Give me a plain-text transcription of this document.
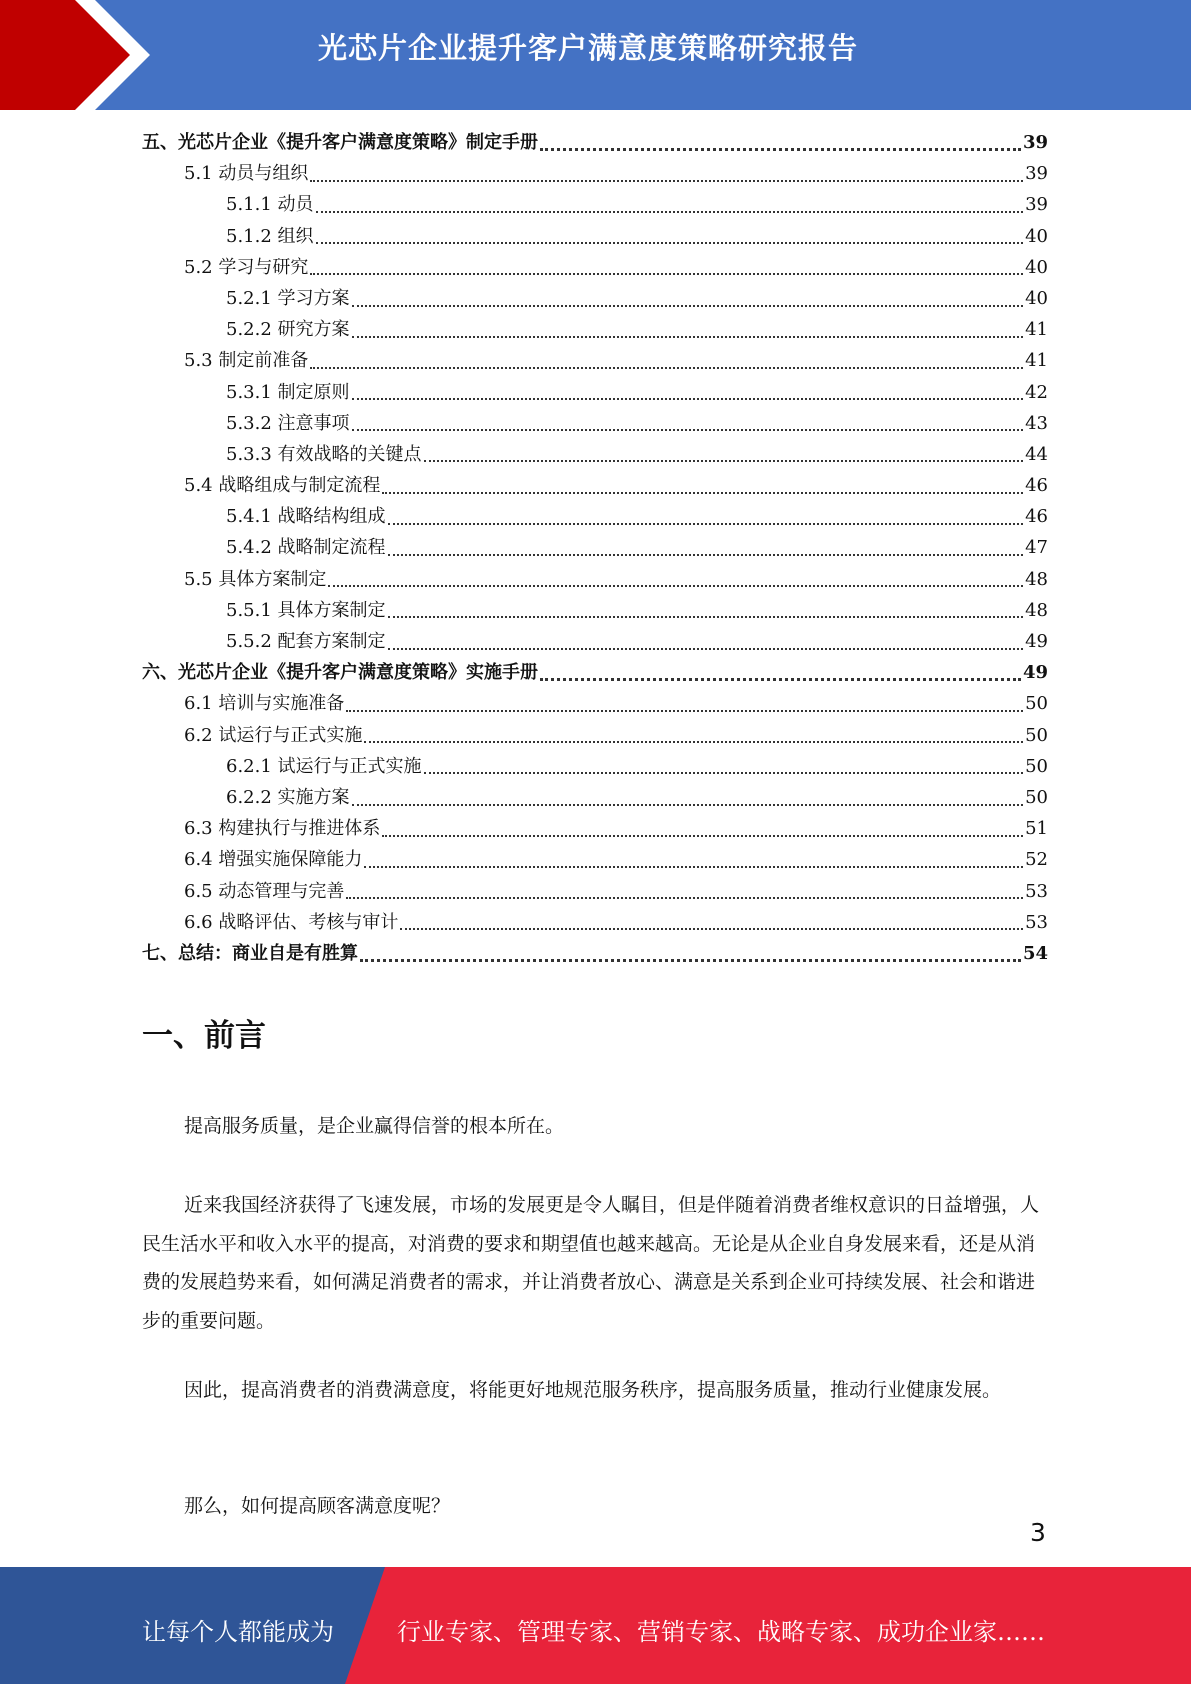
光芯片企业提升客户满意度策略研究报告
五、光芯片企业《提升客户满意度策略》制定手册	39
5.1 动员与组织	39
5.1.1 动员	39
5.1.2 组织	40
5.2 学习与研究	40
5.2.1 学习方案	40
5.2.2 研究方案	41
5.3 制定前准备	41
5.3.1 制定原则	42
5.3.2 注意事项	43
5.3.3 有效战略的关键点	44
5.4 战略组成与制定流程	46
5.4.1 战略结构组成	46
5.4.2 战略制定流程	47
5.5 具体方案制定	48
5.5.1 具体方案制定	48
5.5.2 配套方案制定	49
六、光芯片企业《提升客户满意度策略》实施手册	49
6.1 培训与实施准备	50
6.2 试运行与正式实施	50
6.2.1 试运行与正式实施	50
6.2.2 实施方案	50
6.3 构建执行与推进体系	51
6.4 增强实施保障能力	52
6.5 动态管理与完善	53
6.6 战略评估、考核与审计	53
七、总结：商业自是有胜算	54
一、前言

提高服务质量，是企业赢得信誉的根本所在。

近来我国经济获得了飞速发展，市场的发展更是令人瞩目，但是伴随着消费者维权意识的日益增强，人民生活水平和收入水平的提高，对消费的要求和期望值也越来越高。无论是从企业自身发展来看，还是从消费的发展趋势来看，如何满足消费者的需求，并让消费者放心、满意是关系到企业可持续发展、社会和谐进步的重要问题。

因此，提高消费者的消费满意度，将能更好地规范服务秩序，提高服务质量，推动行业健康发展。

那么，如何提高顾客满意度呢？

3
让每个人都能成为	行业专家、管理专家、营销专家、战略专家、成功企业家……
